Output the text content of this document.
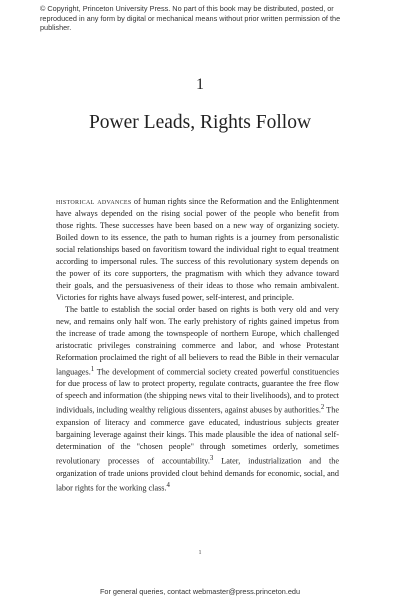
© Copyright, Princeton University Press. No part of this book may be distributed, posted, or reproduced in any form by digital or mechanical means without prior written permission of the publisher.
1
Power Leads, Rights Follow

historical advances of human rights since the Reformation and the Enlightenment have always depended on the rising social power of the people who benefit from those rights. These successes have been based on a new way of organizing society. Boiled down to its essence, the path to human rights is a journey from personalistic social relationships based on favoritism toward the individual right to equal treatment according to impersonal rules. The success of this revolutionary system depends on the power of its core supporters, the pragmatism with which they advance toward their goals, and the persuasiveness of their ideas to those who remain ambivalent. Victories for rights have always fused power, self-interest, and principle.

The battle to establish the social order based on rights is both very old and very new, and remains only half won. The early prehistory of rights gained impetus from the increase of trade among the townspeople of northern Europe, which challenged aristocratic privileges constraining commerce and labor, and whose Protestant Reformation proclaimed the right of all believers to read the Bible in their vernacular languages.$^1$ The development of commercial society created powerful constituencies for due process of law to protect property, regulate contracts, guarantee the free flow of speech and information (the shipping news vital to their livelihoods), and to protect individuals, including wealthy religious dissenters, against abuses by authorities.$^2$ The expansion of literacy and commerce gave educated, industrious subjects greater bargaining leverage against their kings. This made plausible the idea of national self-determination of the "chosen people" through sometimes orderly, sometimes revolutionary processes of accountability.$^3$ Later, industrialization and the organization of trade unions provided clout behind demands for economic, social, and labor rights for the working class.$^4$

1
For general queries, contact webmaster@press.princeton.edu
